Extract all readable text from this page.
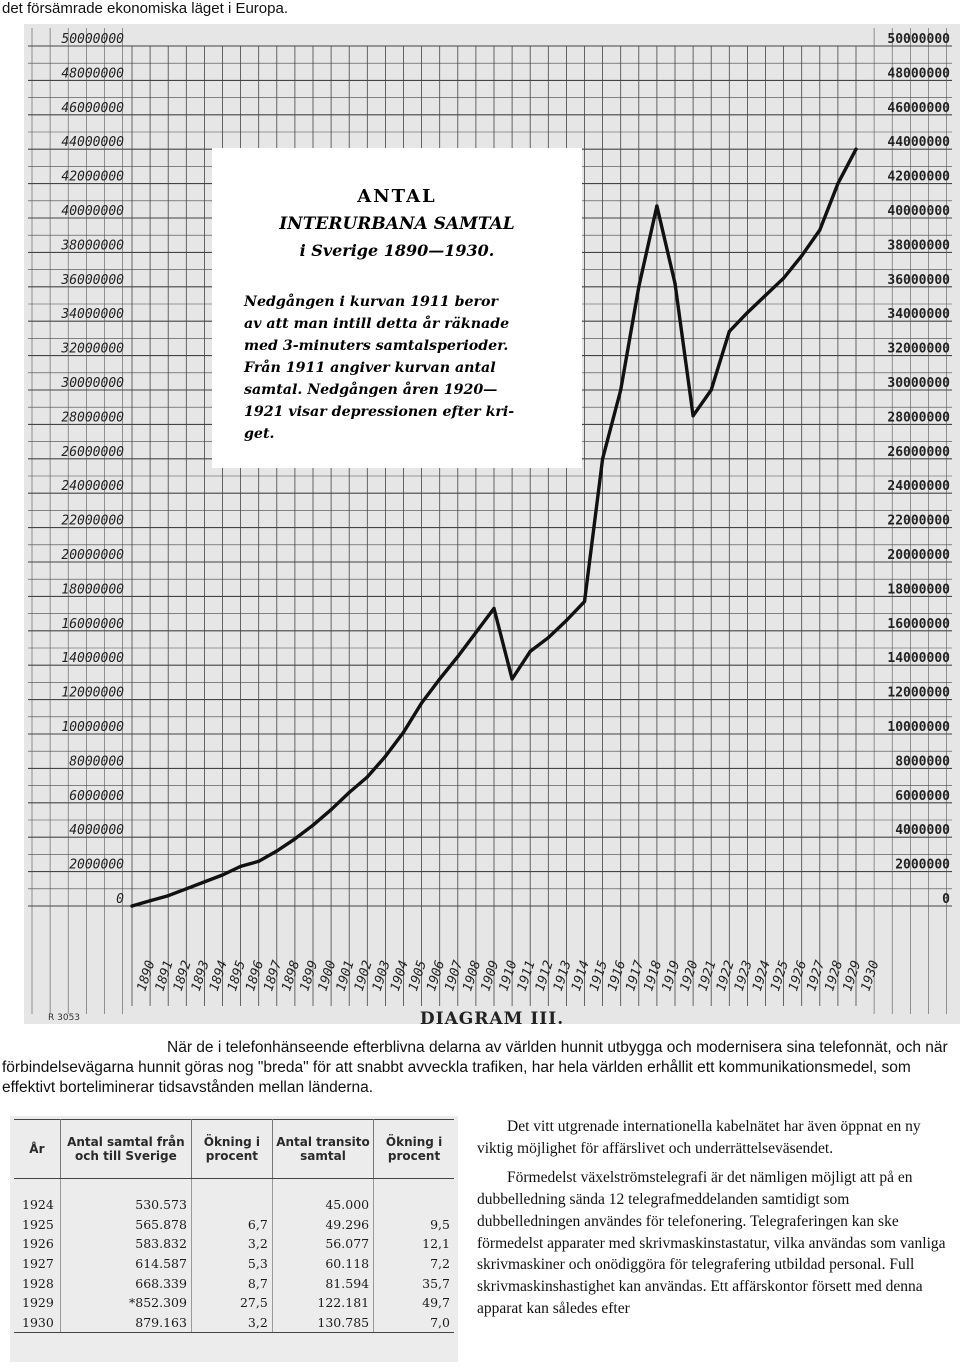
det försämrade ekonomiska läget i Europa.
0
2000000
4000000
6000000
8000000
10000000
12000000
14000000
16000000
18000000
20000000
22000000
24000000
26000000
28000000
30000000
32000000
34000000
36000000
38000000
40000000
42000000
44000000
46000000
48000000
50000000
0
2000000
4000000
6000000
8000000
10000000
12000000
14000000
16000000
18000000
20000000
22000000
24000000
26000000
28000000
30000000
32000000
34000000
36000000
38000000
40000000
42000000
44000000
46000000
48000000
50000000
1890
1891
1892
1893
1894
1895
1896
1897
1898
1899
1900
1901
1902
1903
1904
1905
1906
1907
1908
1909
1910
1911
1912
1913
1914
1915
1916
1917
1918
1919
1920
1921
1922
1923
1924
1925
1926
1927
1928
1929
1930
ANTAL
INTERURBANA SAMTAL
i Sverige 1890—1930.
Nedgången i kurvan 1911 beror
av att man intill detta år räknade
med 3-minuters samtalsperioder.
Från 1911 angiver kurvan antal
samtal. Nedgången åren 1920—
1921 visar depressionen efter kri-
get.
R 3053	DIAGRAM III.
När de i telefonhänseende efterblivna delarna av världen hunnit utbygga och modernisera sina telefonnät, och när förbindelsevägarna hunnit göras nog "breda" för att snabbt avveckla trafiken, har hela världen erhållit ett kommunikationsmedel, som effektivt borteliminerar tidsavstånden mellan länderna.
År	Antal samtal från och till Sverige	Ökning i procent	Antal transito samtal	Ökning i procent

1924	530.573		45.000	
1925	565.878	6,7	49.296	9,5
1926	583.832	3,2	56.077	12,1
1927	614.587	5,3	60.118	7,2
1928	668.339	8,7	81.594	35,7
1929	*852.309	27,5	122.181	49,7
1930	879.163	3,2	130.785	7,0

Det vitt utgrenade internationella kabelnätet har även öppnat en ny viktig möjlighet för affärslivet och underrättelseväsendet.

Förmedelst växelströmstelegrafi är det nämligen möjligt att på en dubbelledning sända 12 telegrafmeddelanden samtidigt som dubbelledningen användes för telefonering. Telegraferingen kan ske förmedelst apparater med skrivmaskinstastatur, vilka användas som vanliga skrivmaskiner och onödiggöra för telegrafering utbildad personal. Full skrivmaskinshastighet kan användas. Ett affärskontor försett med denna apparat kan således efter
